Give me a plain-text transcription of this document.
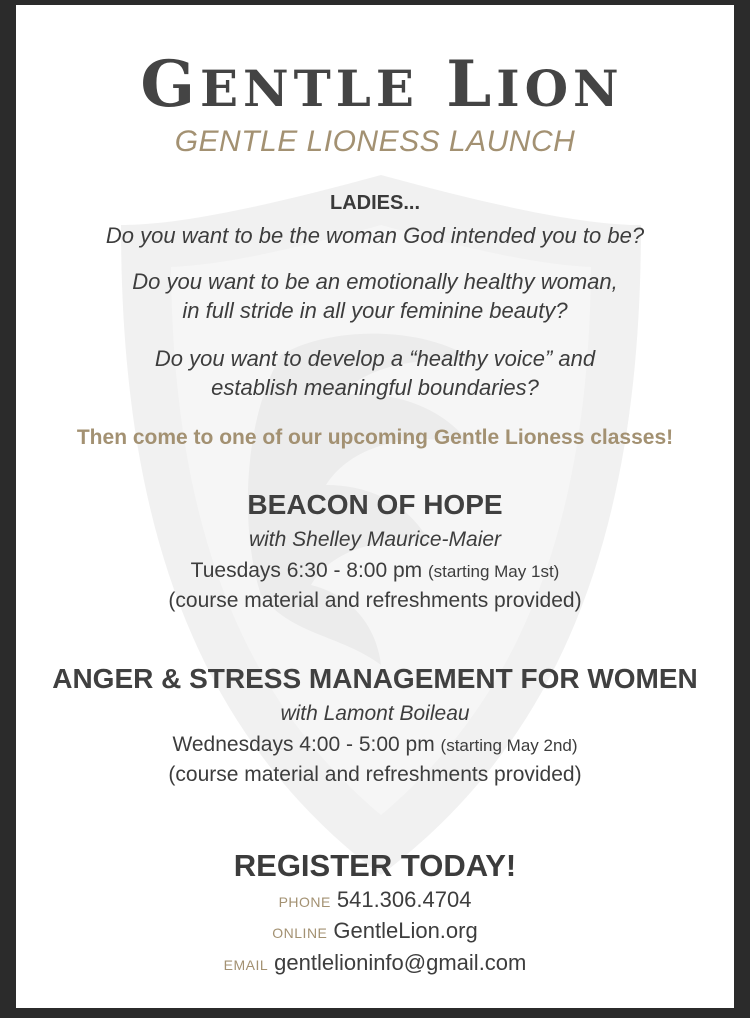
GENTLE LION
GENTLE LIONESS LAUNCH
LADIES...
Do you want to be the woman God intended you to be?
Do you want to be an emotionally healthy woman,
in full stride in all your feminine beauty?
Do you want to develop a “healthy voice” and
establish meaningful boundaries?
Then come to one of our upcoming Gentle Lioness classes!
BEACON OF HOPE
with Shelley Maurice-Maier
Tuesdays 6:30 - 8:00 pm (starting May 1st)
(course material and refreshments provided)
ANGER & STRESS MANAGEMENT FOR WOMEN
with Lamont Boileau
Wednesdays 4:00 - 5:00 pm (starting May 2nd)
(course material and refreshments provided)
REGISTER TODAY!
PHONE 541.306.4704
ONLINE GentleLion.org
EMAIL gentlelioninfo@gmail.com
